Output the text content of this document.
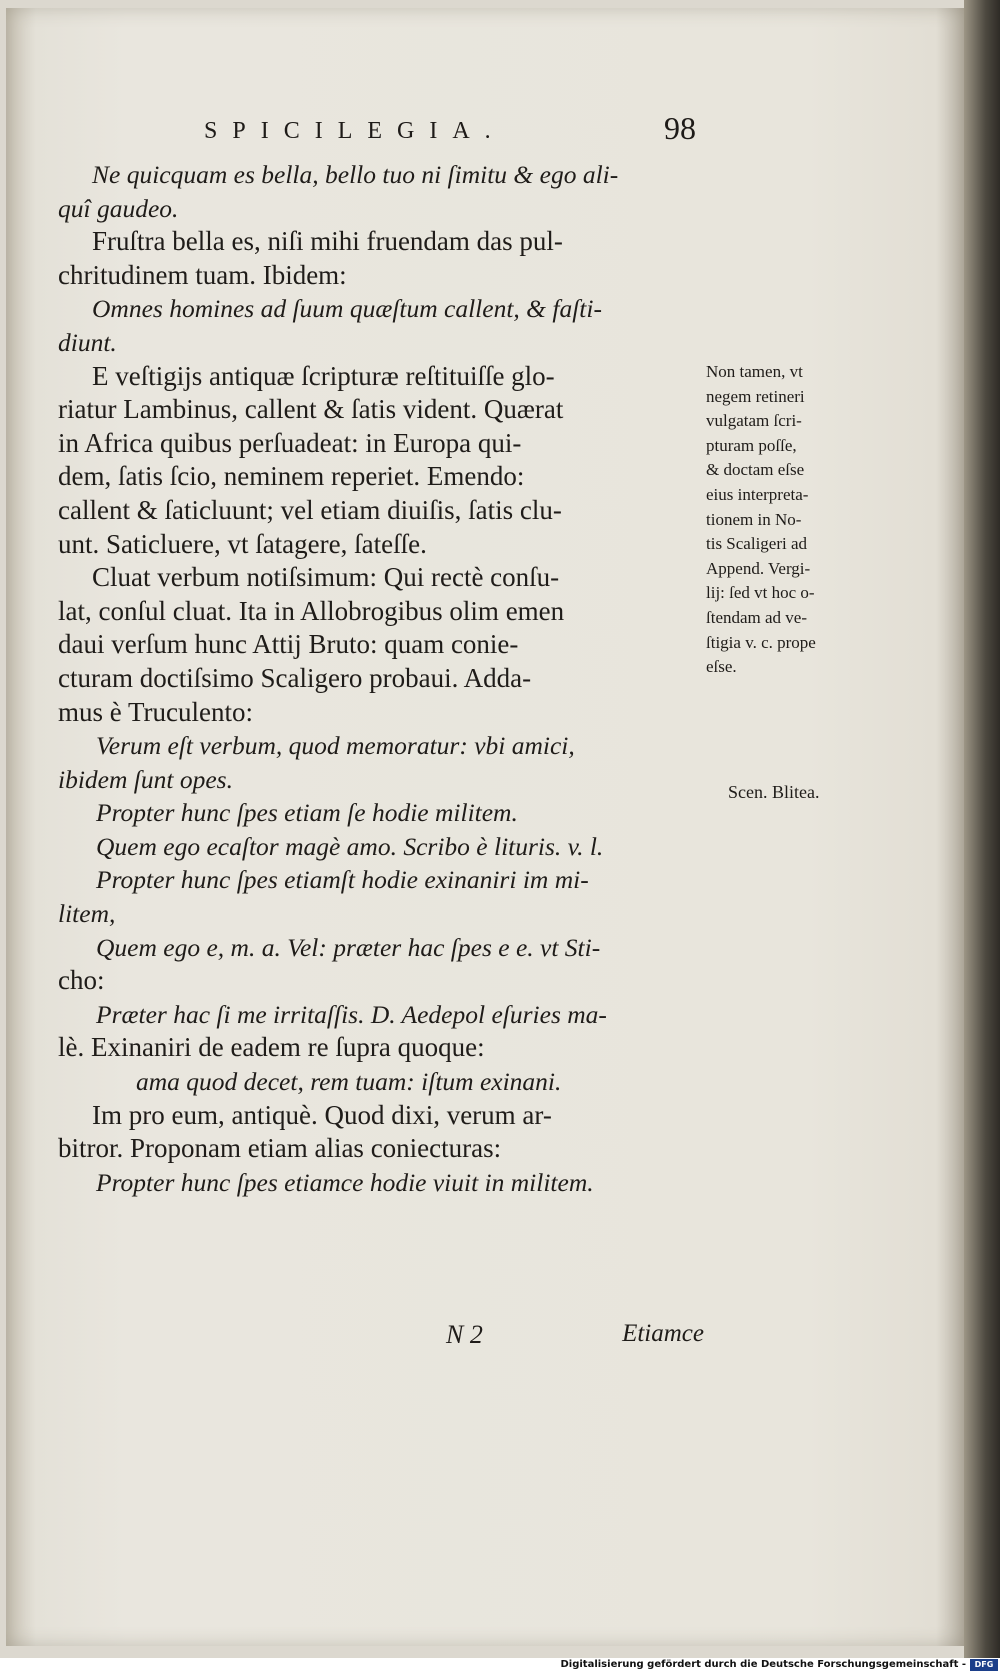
SPICILEGIA.	98
Ne quicquam es bella, bello tuo ni ſimitu & ego ali-
quî gaudeo.
Fruſtra bella es, niſi mihi fruendam das pul-
chritudinem tuam. Ibidem:
Omnes homines ad ſuum quæſtum callent, & faſti-
diunt.
E veſtigijs antiquæ ſcripturæ reſtituiſſe glo-
riatur Lambinus, callent & ſatis vident. Quærat
in Africa quibus perſuadeat: in Europa qui-
dem, ſatis ſcio, neminem reperiet. Emendo:
callent & ſaticluunt; vel etiam diuiſis, ſatis clu-
unt. Saticluere, vt ſatagere, ſateſſe.
Cluat verbum notiſsimum: Qui rectè conſu-
lat, conſul cluat. Ita in Allobrogibus olim emen
daui verſum hunc Attij Bruto: quam conie-
cturam doctiſsimo Scaligero probaui. Adda-
mus è Truculento:
Verum eſt verbum, quod memoratur: vbi amici,
ibidem ſunt opes.
Propter hunc ſpes etiam ſe hodie militem.
Quem ego ecaſtor magè amo. Scribo è lituris. v. l.
Propter hunc ſpes etiamſt hodie exinaniri im mi-
litem,
Quem ego e, m. a. Vel: præter hac ſpes e e. vt Sti-
cho:
Præter hac ſi me irritaſſis. D. Aedepol eſuries ma-
lè. Exinaniri de eadem re ſupra quoque:
ama quod decet, rem tuam: iſtum exinani.
Im pro eum, antiquè. Quod dixi, verum ar-
bitror. Proponam etiam alias coniecturas:
Propter hunc ſpes etiamce hodie viuit in militem.
Non tamen, vt
negem retineri
vulgatam ſcri-
pturam poſſe,
& doctam eſse
eius interpreta-
tionem in No-
tis Scaligeri ad
Append. Vergi-
lij: ſed vt hoc o-
ſtendam ad ve-
ſtigia v. c. prope
eſse.
Scen. Blitea.
N 2	Etiamce
Digitalisierung gefördert durch die Deutsche Forschungsgemeinschaft -	DFG
